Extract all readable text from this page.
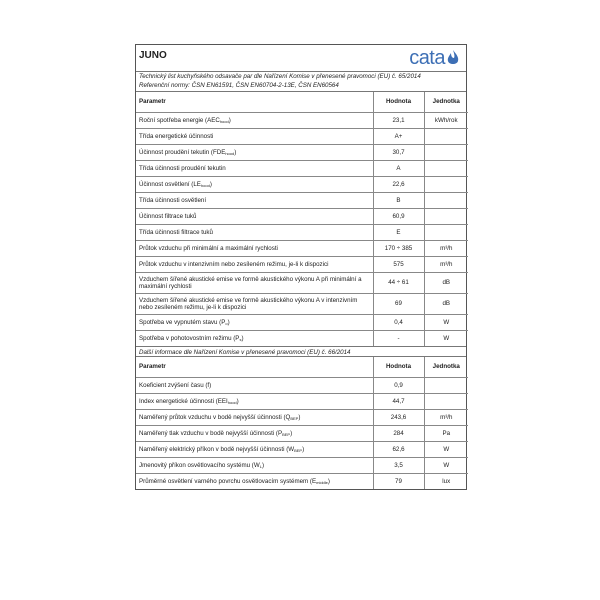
JUNO	cata
Technický list kuchyňského odsavače par dle Nařízení Komise v přenesené pravomoci (EU) č. 65/2014
Referenční normy: ČSN EN61591, ČSN EN60704-2-13E, ČSN EN60564
Parametr	Hodnota	Jednotka
Roční spotřeba energie $(AEC_{hood})$	23,1	kWh/rok
Třída energetické účinnosti	A+	
Účinnost proudění tekutin $(FDE_{hood})$	30,7	
Třída účinnosti proudění tekutin	A	
Účinnost osvětlení $(LE_{hood})$	22,6	
Třída účinnosti osvětlení	B	
Účinnost filtrace tuků	60,9	
Třída účinnosti filtrace tuků	E	
Průtok vzduchu při minimální a maximální rychlosti	170 ÷ 385	m³/h
Průtok vzduchu v intenzivním nebo zesíleném režimu, je-li k dispozici	575	m³/h
Vzduchem šířené akustické emise ve formě akustického výkonu A při minimální a maximální rychlosti	44 ÷ 61	dB
Vzduchem šířené akustické emise ve formě akustického výkonu A v intenzivním nebo zesíleném režimu, je-li k dispozici	69	dB
Spotřeba ve vypnutém stavu $(P_o)$	0,4	W
Spotřeba v pohotovostním režimu $(P_s)$	-	W
Další informace dle Nařízení Komise v přenesené pravomoci (EU) č. 66/2014
Parametr	Hodnota	Jednotka
Koeficient zvýšení času (f)	0,9	
Index energetické účinnosti $(EEI_{hood})$	44,7	
Naměřený průtok vzduchu v bodě nejvyšší účinnosti $(Q_{BEP})$	243,6	m³/h
Naměřený tlak vzduchu v bodě nejvyšší účinnosti $(P_{BEP})$	284	Pa
Naměřený elektrický příkon v bodě nejvyšší účinnosti $(W_{BEP})$	62,6	W
Jmenovitý příkon osvětlovacího systému $(W_L)$	3,5	W
Průměrné osvětlení varného povrchu osvětlovacím systémem $(E_{middle})$	79	lux
